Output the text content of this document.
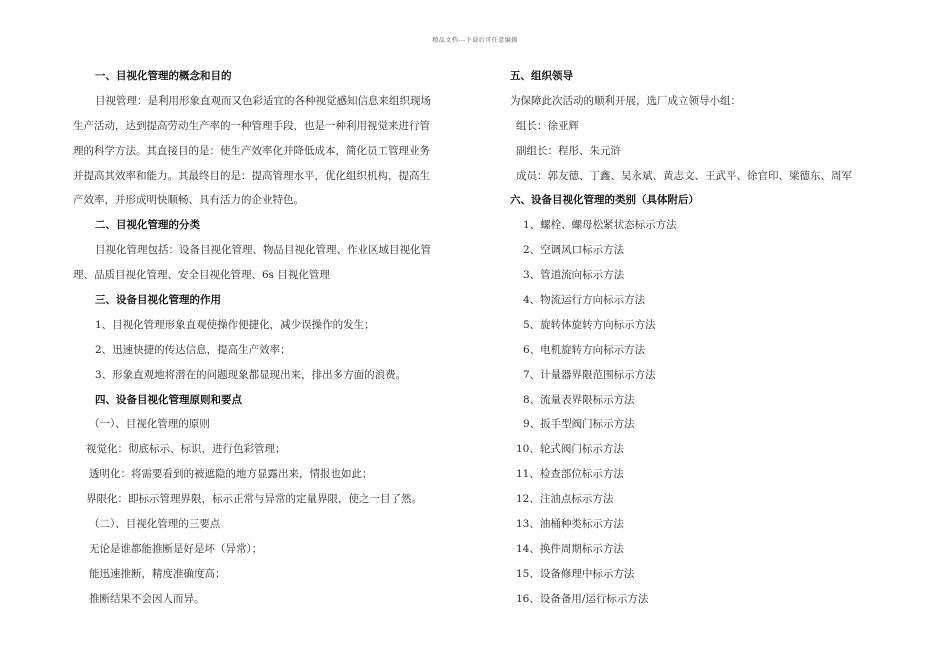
精品文档---下载后可任意编辑
一、目视化管理的概念和目的
目视管理：是利用形象直观而又色彩适宜的各种视觉感知信息来组织现场
生产活动，达到提高劳动生产率的一种管理手段，也是一种利用视觉来进行管
理的科学方法。其直接目的是：使生产效率化并降低成本，简化员工管理业务
并提高其效率和能力。其最终目的是：提高管理水平，优化组织机构，提高生
产效率，并形成明快顺畅、具有活力的企业特色。
二、目视化管理的分类
目视化管理包括：设备目视化管理、物品目视化管理、作业区域目视化管
理、品质目视化管理、安全目视化管理、6s 目视化管理
三、设备目视化管理的作用
1、目视化管理形象直观使操作便捷化，减少误操作的发生；
2、迅速快捷的传达信息，提高生产效率；
3、形象直观地将潜在的问题现象都显现出来，排出多方面的浪费。
四、设备目视化管理原则和要点
（一）、目视化管理的原则
视觉化：彻底标示、标识，进行色彩管理；
透明化：将需要看到的被遮隐的地方显露出来，情报也如此；
界限化：即标示管理界限，标示正常与异常的定量界限，使之一目了然。
（二）、目视化管理的三要点
无论是谁都能推断是好是坏（异常）；
能迅速推断，精度准确度高；
推断结果不会因人而异。
五、组织领导
为保障此次活动的顺利开展，选厂成立领导小组：
组长：徐亚辉
副组长：程彤、朱元浒
成员：郭友德、丁鑫、吴永斌、黄志文、王武平、徐官印、梁德东、周军
六、设备目视化管理的类别（具体附后）
1、螺栓、螺母松紧状态标示方法
2、空调风口标示方法
3、管道流向标示方法
4、物流运行方向标示方法
5、旋转体旋转方向标示方法
6、电机旋转方向标示方法
7、计量器界限范围标示方法
8、流量表界限标示方法
9、扳手型阀门标示方法
10、轮式阀门标示方法
11、检查部位标示方法
12、注油点标示方法
13、油桶种类标示方法
14、换件周期标示方法
15、设备修理中标示方法
16、设备备用/运行标示方法
